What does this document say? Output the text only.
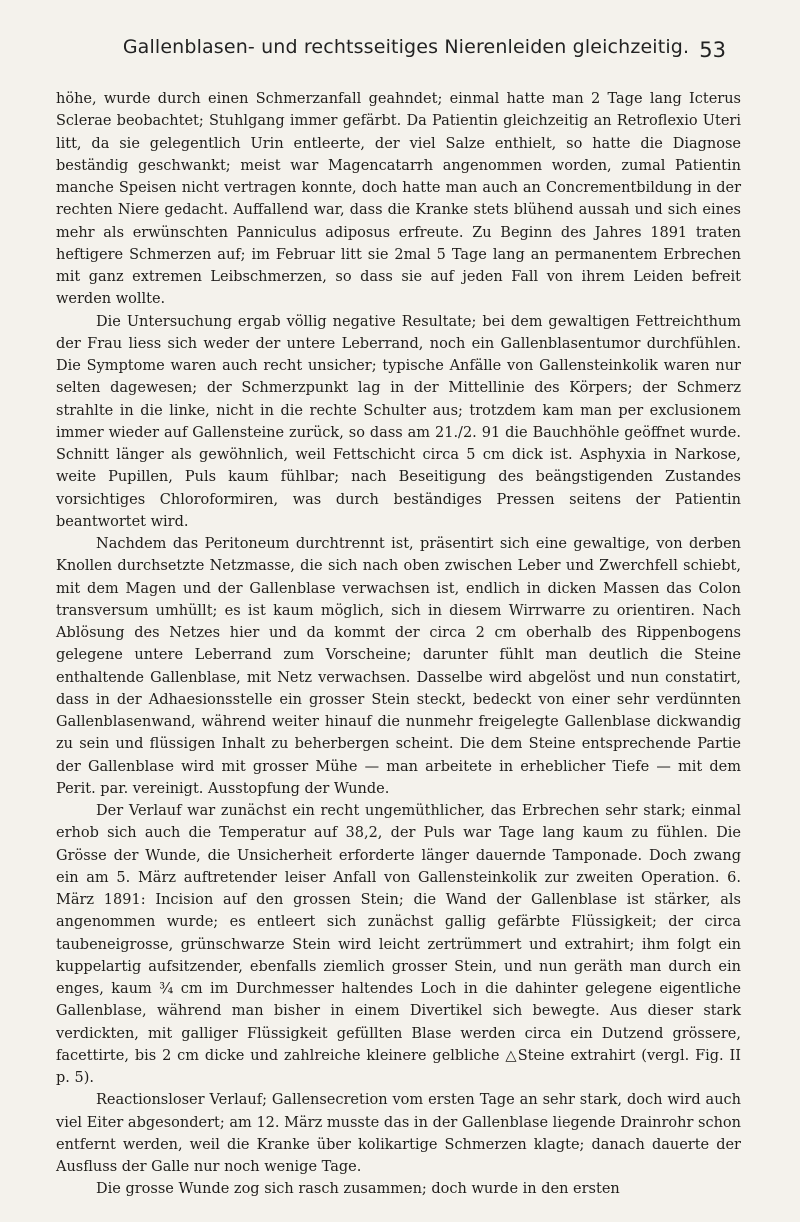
Gallenblasen- und rechtsseitiges Nierenleiden gleichzeitig. 53

höhe, wurde durch einen Schmerzanfall geahndet; einmal hatte man 2 Tage lang Icterus Sclerae beobachtet; Stuhlgang immer gefärbt. Da Patientin gleichzeitig an Retroflexio Uteri litt, da sie gelegentlich Urin entleerte, der viel Salze enthielt, so hatte die Diagnose beständig geschwankt; meist war Magencatarrh angenommen worden, zumal Patientin manche Speisen nicht vertragen konnte, doch hatte man auch an Concrementbildung in der rechten Niere gedacht. Auffallend war, dass die Kranke stets blühend aussah und sich eines mehr als erwünschten Panniculus adiposus erfreute. Zu Beginn des Jahres 1891 traten heftigere Schmerzen auf; im Februar litt sie 2mal 5 Tage lang an permanentem Erbrechen mit ganz extremen Leibschmerzen, so dass sie auf jeden Fall von ihrem Leiden befreit werden wollte.

Die Untersuchung ergab völlig negative Resultate; bei dem gewaltigen Fettreichthum der Frau liess sich weder der untere Leberrand, noch ein Gallenblasentumor durchfühlen. Die Symptome waren auch recht unsicher; typische Anfälle von Gallensteinkolik waren nur selten dagewesen; der Schmerzpunkt lag in der Mittellinie des Körpers; der Schmerz strahlte in die linke, nicht in die rechte Schulter aus; trotzdem kam man per exclusionem immer wieder auf Gallensteine zurück, so dass am 21./2. 91 die Bauchhöhle geöffnet wurde. Schnitt länger als gewöhnlich, weil Fettschicht circa 5 cm dick ist. Asphyxia in Narkose, weite Pupillen, Puls kaum fühlbar; nach Beseitigung des beängstigenden Zustandes vorsichtiges Chloroformiren, was durch beständiges Pressen seitens der Patientin beantwortet wird.

Nachdem das Peritoneum durchtrennt ist, präsentirt sich eine gewaltige, von derben Knollen durchsetzte Netzmasse, die sich nach oben zwischen Leber und Zwerchfell schiebt, mit dem Magen und der Gallenblase verwachsen ist, endlich in dicken Massen das Colon transversum umhüllt; es ist kaum möglich, sich in diesem Wirrwarre zu orientiren. Nach Ablösung des Netzes hier und da kommt der circa 2 cm oberhalb des Rippenbogens gelegene untere Leberrand zum Vorscheine; darunter fühlt man deutlich die Steine enthaltende Gallenblase, mit Netz verwachsen. Dasselbe wird abgelöst und nun constatirt, dass in der Adhaesionsstelle ein grosser Stein steckt, bedeckt von einer sehr verdünnten Gallenblasenwand, während weiter hinauf die nunmehr freigelegte Gallenblase dickwandig zu sein und flüssigen Inhalt zu beherbergen scheint. Die dem Steine entsprechende Partie der Gallenblase wird mit grosser Mühe — man arbeitete in erheblicher Tiefe — mit dem Perit. par. vereinigt. Ausstopfung der Wunde.

Der Verlauf war zunächst ein recht ungemüthlicher, das Erbrechen sehr stark; einmal erhob sich auch die Temperatur auf 38,2, der Puls war Tage lang kaum zu fühlen. Die Grösse der Wunde, die Unsicherheit erforderte länger dauernde Tamponade. Doch zwang ein am 5. März auftretender leiser Anfall von Gallensteinkolik zur zweiten Operation. 6. März 1891: Incision auf den grossen Stein; die Wand der Gallenblase ist stärker, als angenommen wurde; es entleert sich zunächst gallig gefärbte Flüssigkeit; der circa taubeneigrosse, grünschwarze Stein wird leicht zertrümmert und extrahirt; ihm folgt ein kuppelartig aufsitzender, ebenfalls ziemlich grosser Stein, und nun geräth man durch ein enges, kaum ¾ cm im Durchmesser haltendes Loch in die dahinter gelegene eigentliche Gallenblase, während man bisher in einem Divertikel sich bewegte. Aus dieser stark verdickten, mit galliger Flüssigkeit gefüllten Blase werden circa ein Dutzend grössere, facettirte, bis 2 cm dicke und zahlreiche kleinere gelbliche △Steine extrahirt (vergl. Fig. II p. 5).

Reactionsloser Verlauf; Gallensecretion vom ersten Tage an sehr stark, doch wird auch viel Eiter abgesondert; am 12. März musste das in der Gallenblase liegende Drainrohr schon entfernt werden, weil die Kranke über kolikartige Schmerzen klagte; danach dauerte der Ausfluss der Galle nur noch wenige Tage.

Die grosse Wunde zog sich rasch zusammen; doch wurde in den ersten
